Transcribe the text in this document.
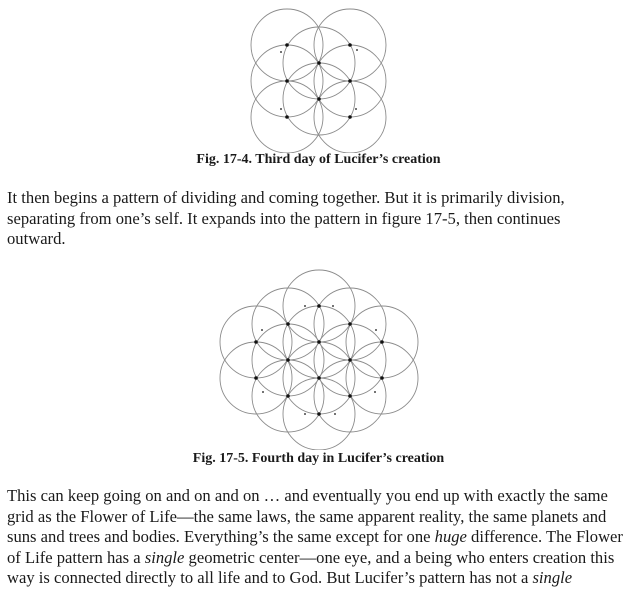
Fig. 17-4. Third day of Lucifer’s creation

It then begins a pattern of dividing and coming together. But it is primarily division,
separating from one’s self. It expands into the pattern in figure 17-5, then continues
outward.

Fig. 17-5. Fourth day in Lucifer’s creation

This can keep going on and on and on … and eventually you end up with exactly the same
grid as the Flower of Life—the same laws, the same apparent reality, the same planets and
suns and trees and bodies. Everything’s the same except for one huge difference. The Flower
of Life pattern has a single geometric center—one eye, and a being who enters creation this
way is connected directly to all life and to God. But Lucifer’s pattern has not a single
